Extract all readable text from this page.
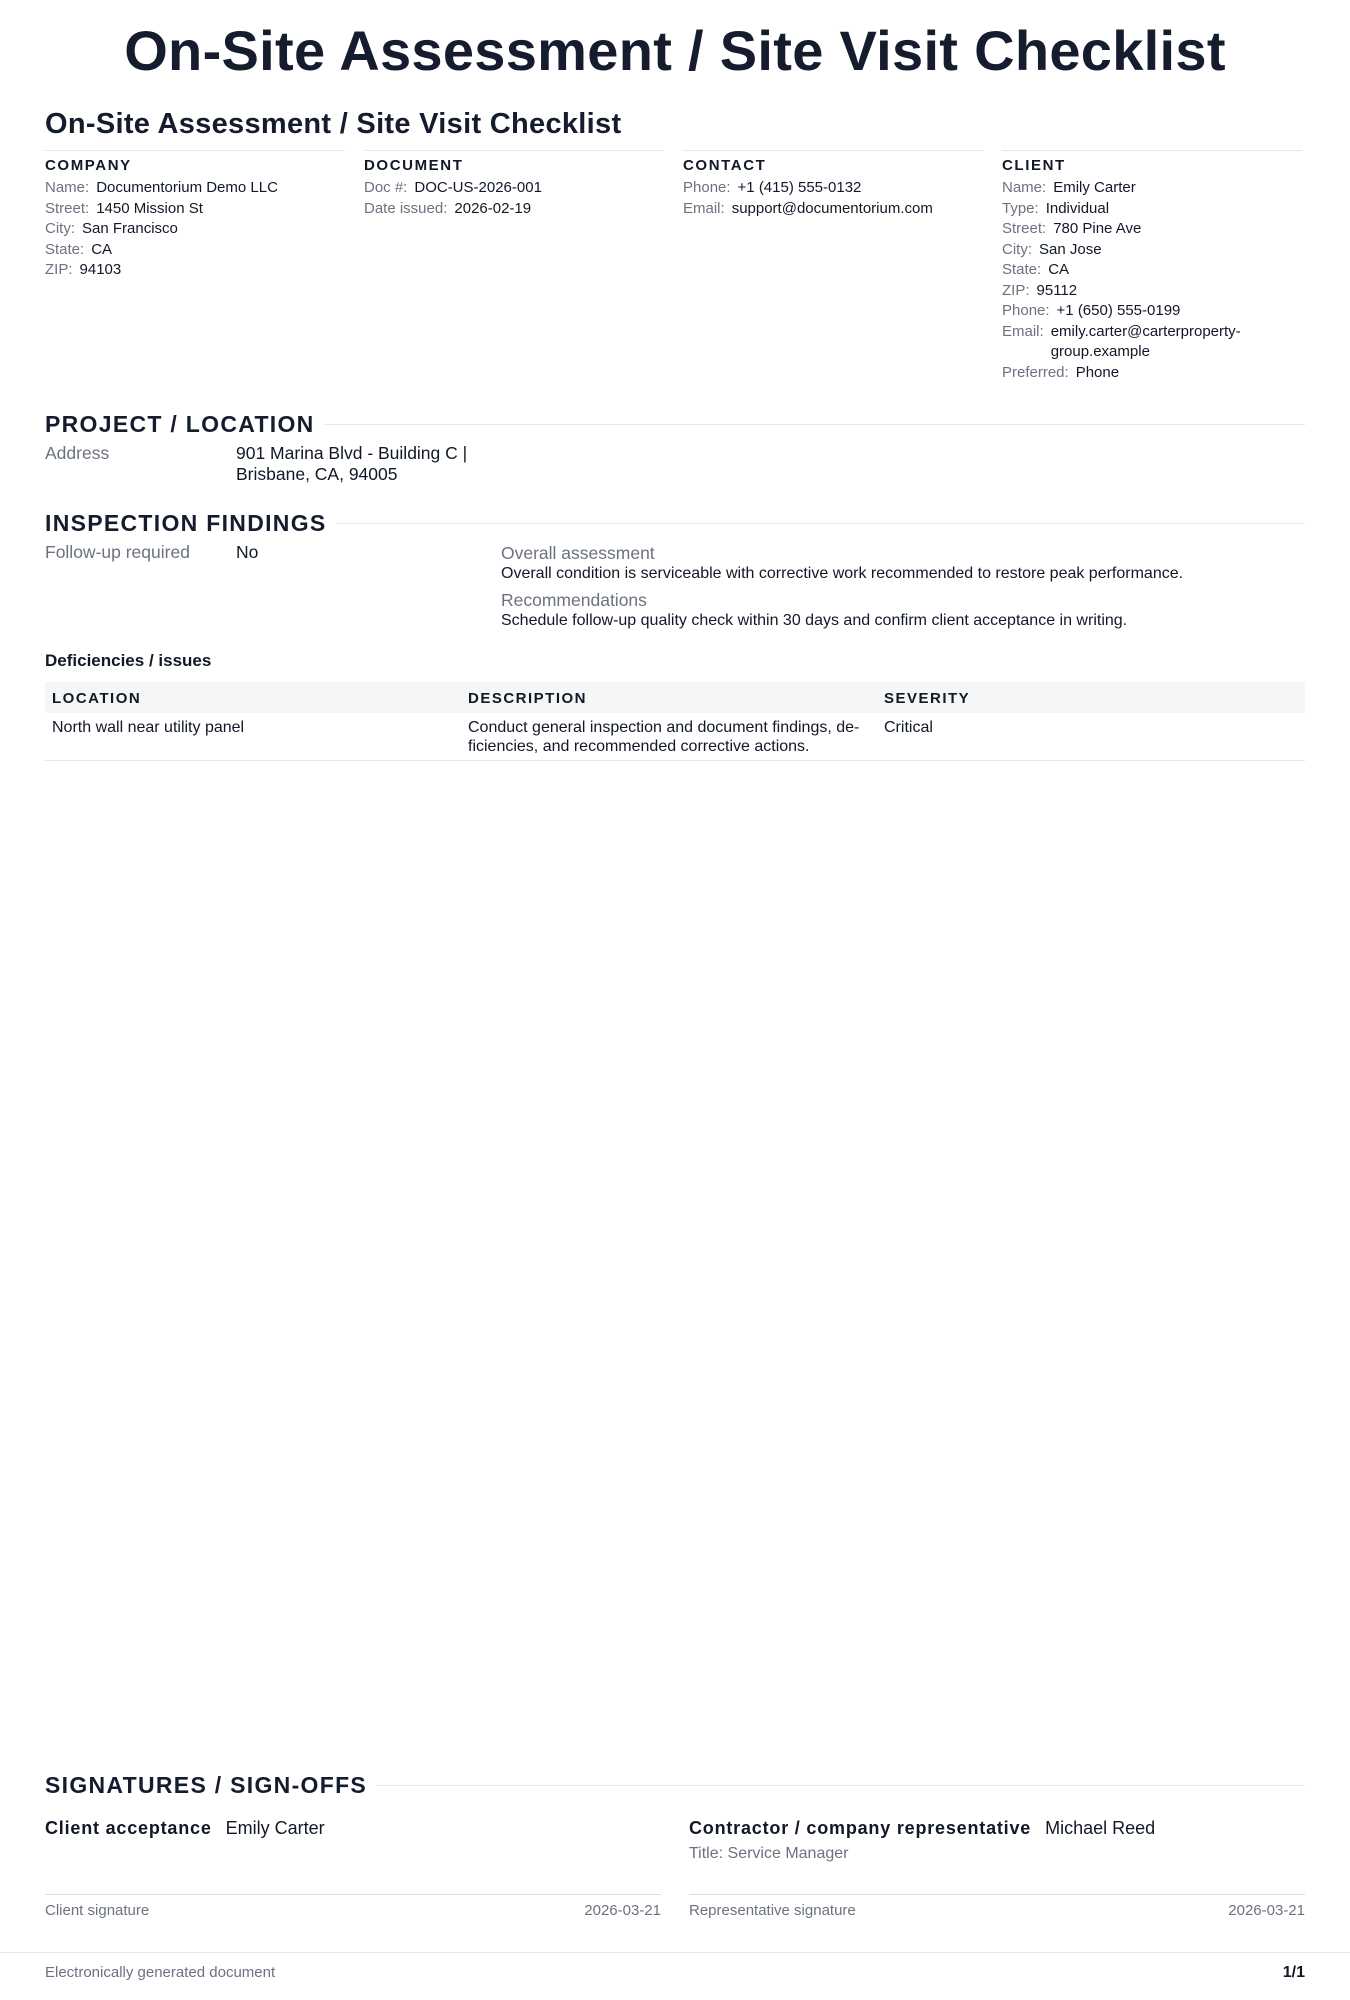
On-Site Assessment / Site Visit Checklist
On-Site Assessment / Site Visit Checklist
COMPANY
Name: Documentorium Demo LLC
Street: 1450 Mission St
City: San Francisco
State: CA
ZIP: 94103
DOCUMENT
Doc #: DOC-US-2026-001
Date issued: 2026-02-19
CONTACT
Phone: +1 (415) 555-0132
Email: support@documentorium.com
CLIENT
Name: Emily Carter
Type: Individual
Street: 780 Pine Ave
City: San Jose
State: CA
ZIP: 95112
Phone: +1 (650) 555-0199
Email: emily.carter@carterproperty-group.example
Preferred: Phone
PROJECT / LOCATION
Address	901 Marina Blvd - Building C | Brisbane, CA, 94005
INSPECTION FINDINGS
Follow-up required	No	Overall assessment
Overall condition is serviceable with corrective work recommended to restore peak performance.
Recommendations
Schedule follow-up quality check within 30 days and confirm client acceptance in writing.
Deficiencies / issues
LOCATION	DESCRIPTION	SEVERITY
North wall near utility panel	Conduct general inspection and document findings, de-ficiencies, and recommended corrective actions.	Critical
SIGNATURES / SIGN-OFFS
Client acceptance Emily Carter
Client signature	2026-03-21
Contractor / company representative Michael Reed
Title: Service Manager
Representative signature	2026-03-21
Electronically generated document	1/1
